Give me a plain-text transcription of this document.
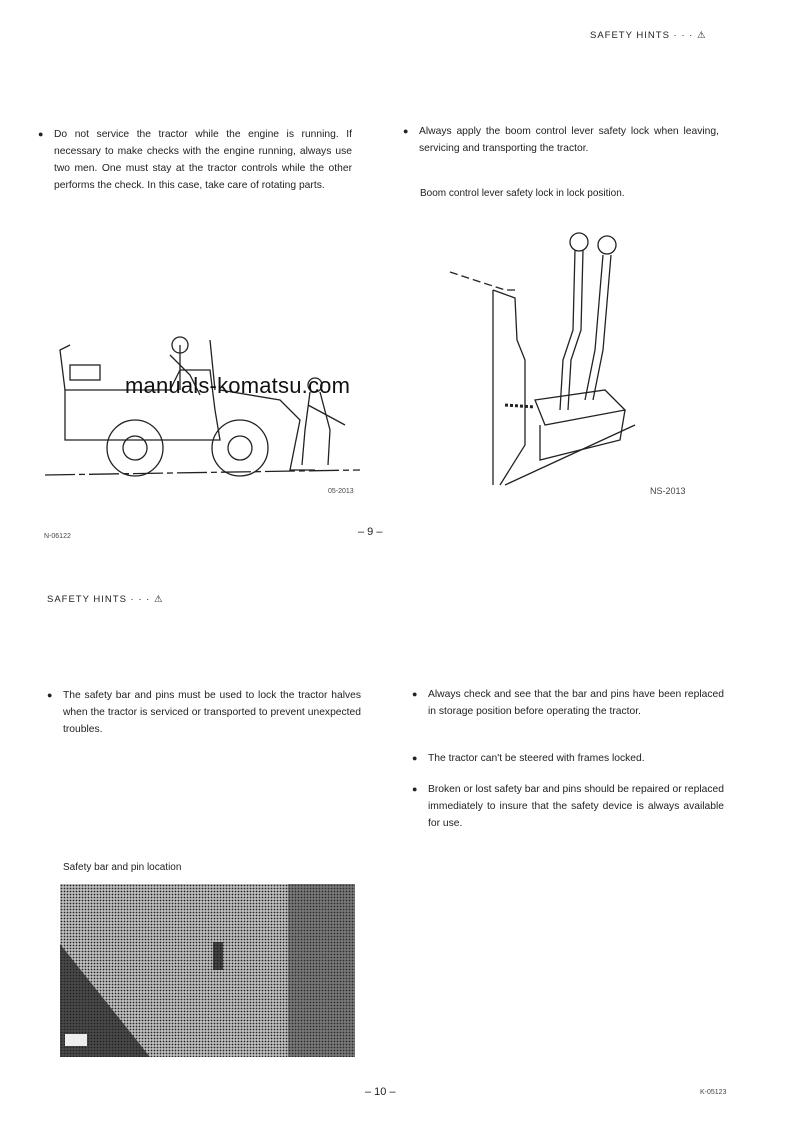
SAFETY HINTS · · · ⚠
● Do not service the tractor while the engine is running. If necessary to make checks with the engine running, always use two men. One must stay at the tractor controls while the other performs the check. In this case, take care of rotating parts.
● Always apply the boom control lever safety lock when leaving, servicing and transporting the tractor.
Boom control lever safety lock in lock position.
manuals-komatsu.com
05-2013	NS-2013
N-06122	– 9 –
SAFETY HINTS · · · ⚠
● The safety bar and pins must be used to lock the tractor halves when the tractor is serviced or transported to prevent unexpected troubles.
● Always check and see that the bar and pins have been replaced in storage position before operating the tractor.
● The tractor can't be steered with frames locked.
● Broken or lost safety bar and pins should be repaired or replaced immediately to insure that the safety device is always available for use.
Safety bar and pin location
– 10 –	K-05123
